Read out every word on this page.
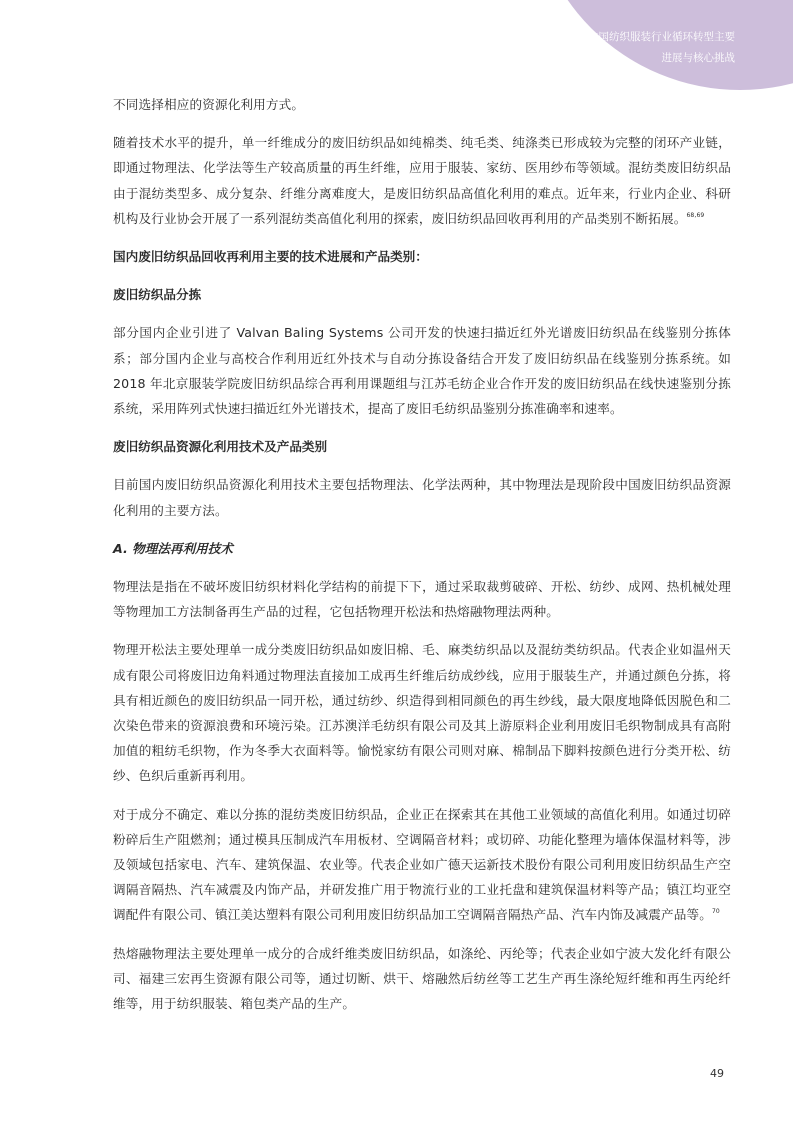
中国纺织服装行业循环转型主要
进展与核心挑战

不同选择相应的资源化利用方式。

随着技术水平的提升，单一纤维成分的废旧纺织品如纯棉类、纯毛类、纯涤类已形成较为完整的闭环产业链，即通过物理法、化学法等生产较高质量的再生纤维，应用于服装、家纺、医用纱布等领域。混纺类废旧纺织品由于混纺类型多、成分复杂、纤维分离难度大，是废旧纺织品高值化利用的难点。近年来，行业内企业、科研机构及行业协会开展了一系列混纺类高值化利用的探索，废旧纺织品回收再利用的产品类别不断拓展。$^{68,69}$

国内废旧纺织品回收再利用主要的技术进展和产品类别：

废旧纺织品分拣

部分国内企业引进了 Valvan Baling Systems 公司开发的快速扫描近红外光谱废旧纺织品在线鉴别分拣体系；部分国内企业与高校合作利用近红外技术与自动分拣设备结合开发了废旧纺织品在线鉴别分拣系统。如 2018 年北京服装学院废旧纺织品综合再利用课题组与江苏毛纺企业合作开发的废旧纺织品在线快速鉴别分拣系统，采用阵列式快速扫描近红外光谱技术，提高了废旧毛纺织品鉴别分拣准确率和速率。

废旧纺织品资源化利用技术及产品类别

目前国内废旧纺织品资源化利用技术主要包括物理法、化学法两种，其中物理法是现阶段中国废旧纺织品资源化利用的主要方法。

A. 物理法再利用技术

物理法是指在不破坏废旧纺织材料化学结构的前提下下，通过采取裁剪破碎、开松、纺纱、成网、热机械处理等物理加工方法制备再生产品的过程，它包括物理开松法和热熔融物理法两种。

物理开松法主要处理单一成分类废旧纺织品如废旧棉、毛、麻类纺织品以及混纺类纺织品。代表企业如温州天成有限公司将废旧边角料通过物理法直接加工成再生纤维后纺成纱线，应用于服装生产，并通过颜色分拣，将具有相近颜色的废旧纺织品一同开松，通过纺纱、织造得到相同颜色的再生纱线，最大限度地降低因脱色和二次染色带来的资源浪费和环境污染。江苏澳洋毛纺织有限公司及其上游原料企业利用废旧毛织物制成具有高附加值的粗纺毛织物，作为冬季大衣面料等。愉悦家纺有限公司则对麻、棉制品下脚料按颜色进行分类开松、纺纱、色织后重新再利用。

对于成分不确定、难以分拣的混纺类废旧纺织品，企业正在探索其在其他工业领域的高值化利用。如通过切碎粉碎后生产阻燃剂；通过模具压制成汽车用板材、空调隔音材料；或切碎、功能化整理为墙体保温材料等，涉及领域包括家电、汽车、建筑保温、农业等。代表企业如广德天运新技术股份有限公司利用废旧纺织品生产空调隔音隔热、汽车减震及内饰产品，并研发推广用于物流行业的工业托盘和建筑保温材料等产品；镇江均亚空调配件有限公司、镇江美达塑料有限公司利用废旧纺织品加工空调隔音隔热产品、汽车内饰及减震产品等。$^{70}$

热熔融物理法主要处理单一成分的合成纤维类废旧纺织品，如涤纶、丙纶等；代表企业如宁波大发化纤有限公司、福建三宏再生资源有限公司等，通过切断、烘干、熔融然后纺丝等工艺生产再生涤纶短纤维和再生丙纶纤维等，用于纺织服装、箱包类产品的生产。

49
